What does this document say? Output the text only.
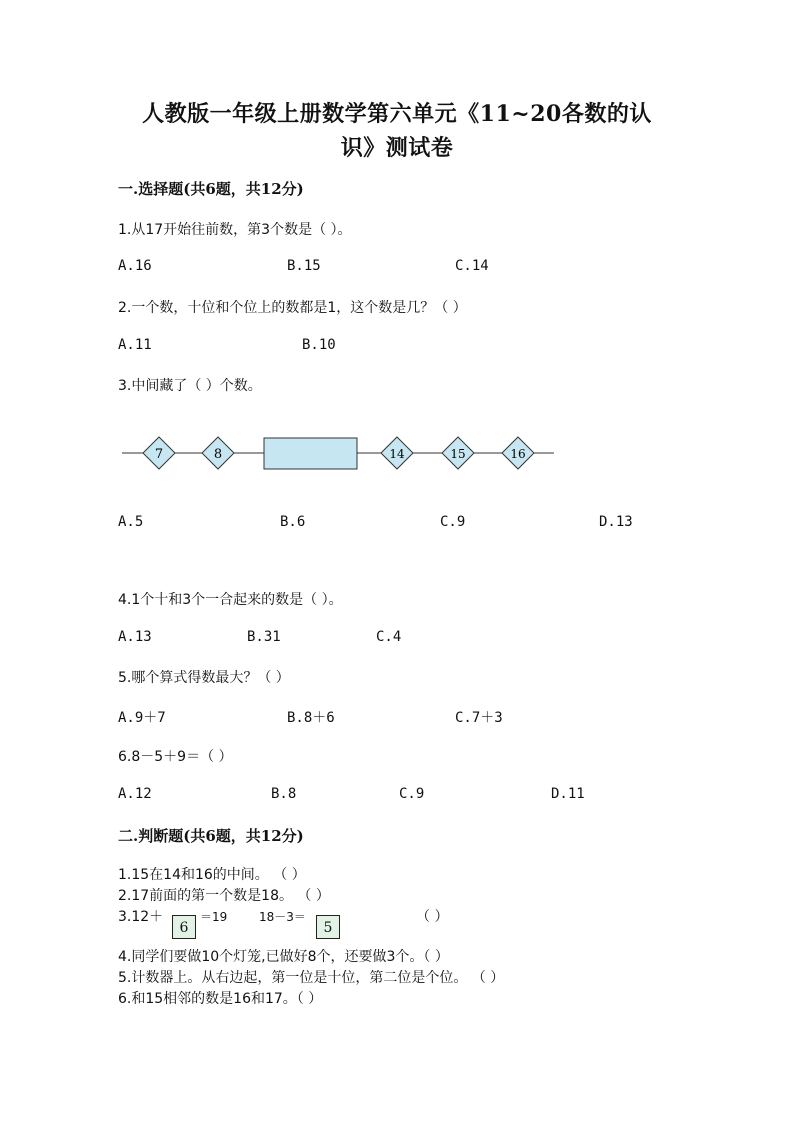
人教版一年级上册数学第六单元《11~20各数的认
识》测试卷
一.选择题(共6题，共12分)
1.从17开始往前数，第3个数是（ ）。
A.16	B.15	C.14
2.一个数，十位和个位上的数都是1，这个数是几？（ ）
A.11	B.10
3.中间藏了（ ）个数。
7	8	14	15	16
A.5	B.6	C.9	D.13
4.1个十和3个一合起来的数是（ ）。
A.13	B.31	C.4
5.哪个算式得数最大？（ ）
A.9＋7	B.8＋6	C.7＋3
6.8－5＋9＝（ ）
A.12	B.8	C.9	D.11
二.判断题(共6题，共12分)
1.15在14和16的中间。 （ ）
2.17前面的第一个数是18。 （ ）
3.12＋
6
＝19	18－3＝
5
（ ）
4.同学们要做10个灯笼,已做好8个，还要做3个。（ ）
5.计数器上。从右边起，第一位是十位，第二位是个位。 （ ）
6.和15相邻的数是16和17。（ ）
